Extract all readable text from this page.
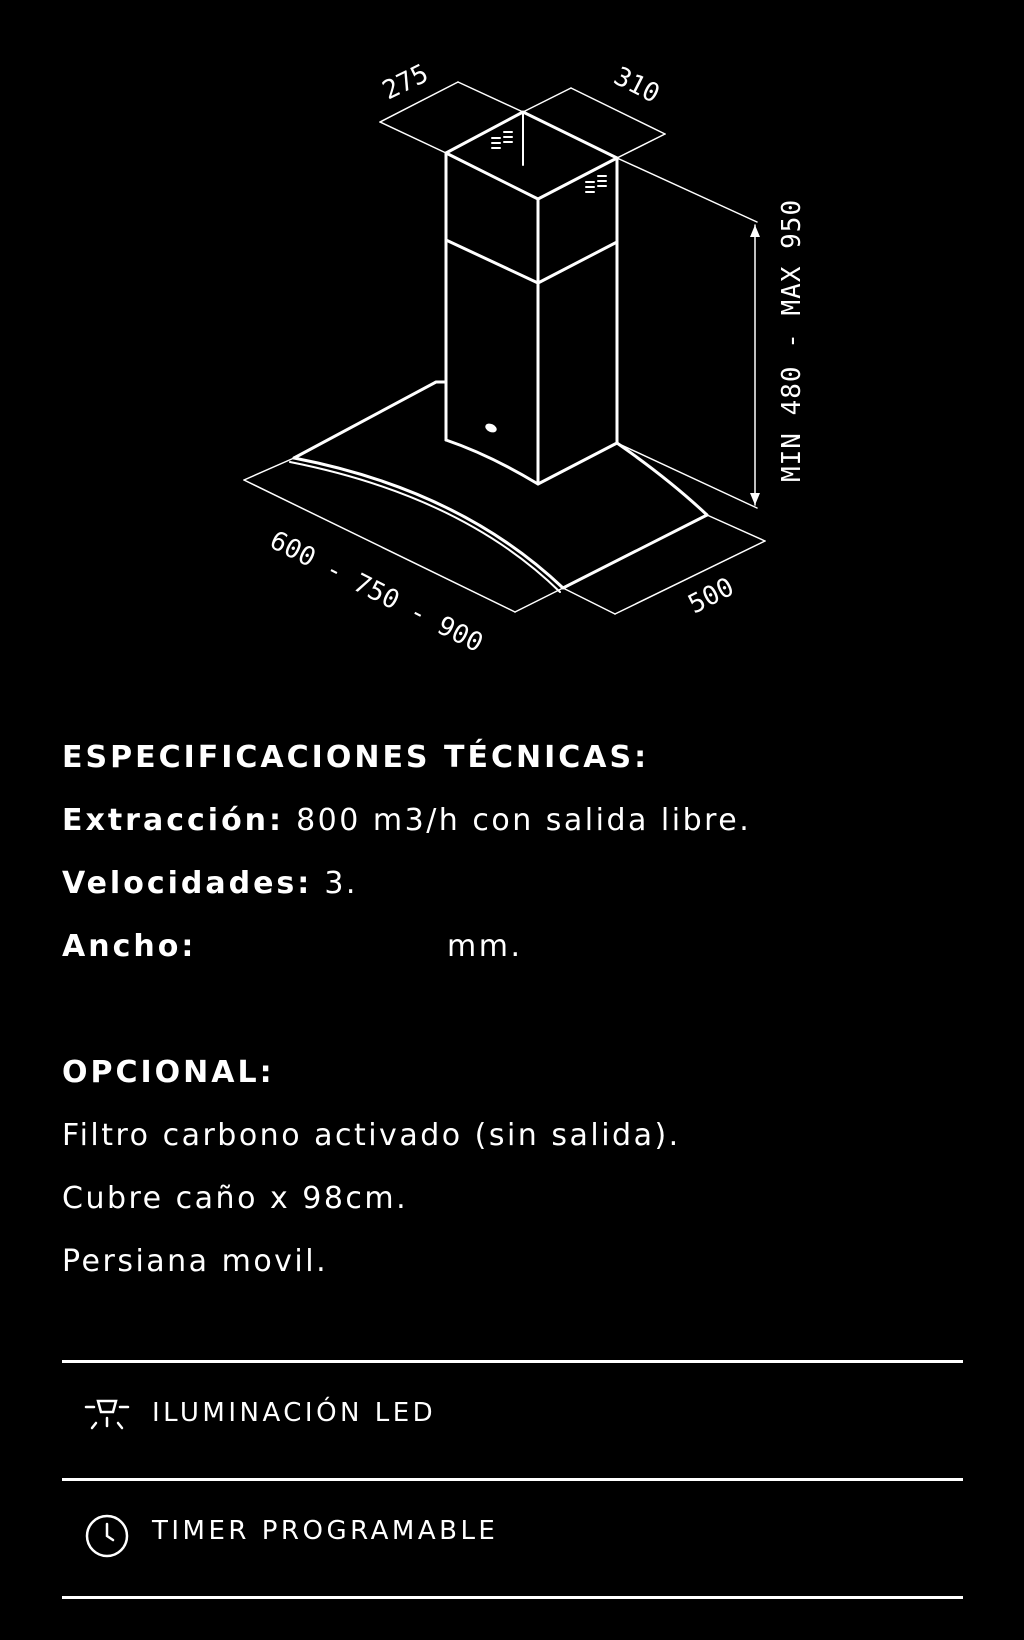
275	310
MIN 480 - MAX 950
600 - 750 - 900	500
ESPECIFICACIONES TÉCNICAS:
Extracción: 800 m3/h con salida libre.
Velocidades: 3.
Ancho:	mm.
OPCIONAL:
Filtro carbono activado (sin salida).
Cubre caño x 98cm.
Persiana movil.
ILUMINACIÓN LED
TIMER PROGRAMABLE
